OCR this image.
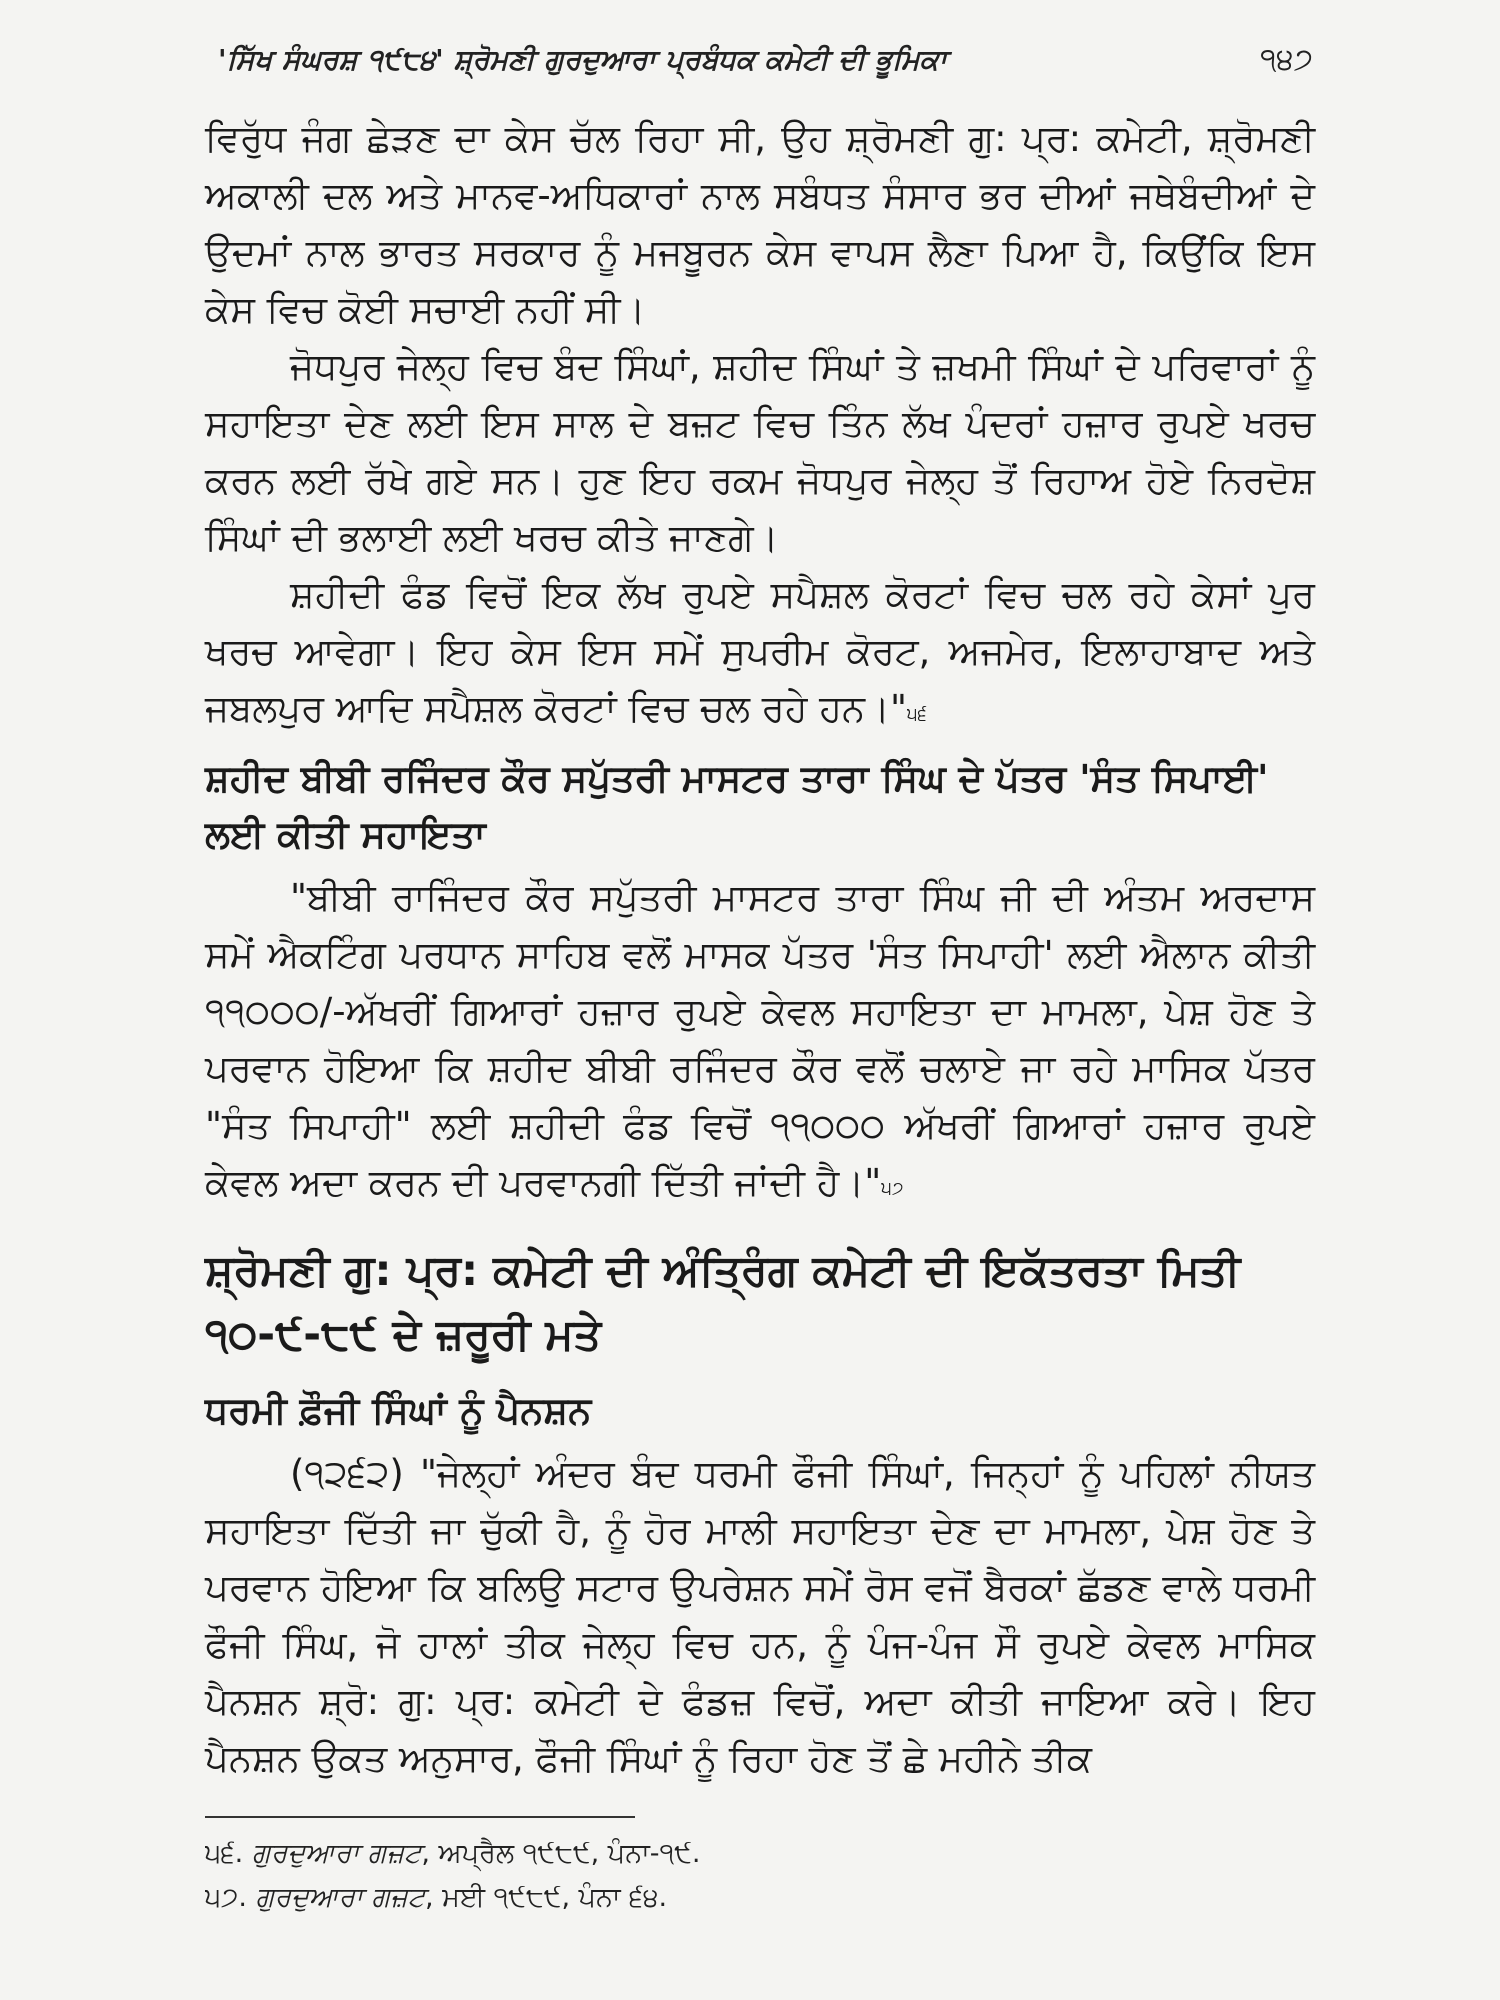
'ਸਿੱਖ ਸੰਘਰਸ਼ ੧੯੮੪' ਸ਼੍ਰੋਮਣੀ ਗੁਰਦੁਆਰਾ ਪ੍ਰਬੰਧਕ ਕਮੇਟੀ ਦੀ ਭੂਮਿਕਾ	੧੪੭

ਵਿਰੁੱਧ ਜੰਗ ਛੇੜਣ ਦਾ ਕੇਸ ਚੱਲ ਰਿਹਾ ਸੀ, ਉਹ ਸ਼੍ਰੋਮਣੀ ਗੁ: ਪ੍ਰ: ਕਮੇਟੀ, ਸ਼੍ਰੋਮਣੀ ਅਕਾਲੀ ਦਲ ਅਤੇ ਮਾਨਵ-ਅਧਿਕਾਰਾਂ ਨਾਲ ਸਬੰਧਤ ਸੰਸਾਰ ਭਰ ਦੀਆਂ ਜਥੇਬੰਦੀਆਂ ਦੇ ਉਦਮਾਂ ਨਾਲ ਭਾਰਤ ਸਰਕਾਰ ਨੂੰ ਮਜਬੂਰਨ ਕੇਸ ਵਾਪਸ ਲੈਣਾ ਪਿਆ ਹੈ, ਕਿਉਂਕਿ ਇਸ ਕੇਸ ਵਿਚ ਕੋਈ ਸਚਾਈ ਨਹੀਂ ਸੀ।

ਜੋਧਪੁਰ ਜੇਲ੍ਹ ਵਿਚ ਬੰਦ ਸਿੰਘਾਂ, ਸ਼ਹੀਦ ਸਿੰਘਾਂ ਤੇ ਜ਼ਖਮੀ ਸਿੰਘਾਂ ਦੇ ਪਰਿਵਾਰਾਂ ਨੂੰ ਸਹਾਇਤਾ ਦੇਣ ਲਈ ਇਸ ਸਾਲ ਦੇ ਬਜ਼ਟ ਵਿਚ ਤਿੰਨ ਲੱਖ ਪੰਦਰਾਂ ਹਜ਼ਾਰ ਰੁਪਏ ਖਰਚ ਕਰਨ ਲਈ ਰੱਖੇ ਗਏ ਸਨ। ਹੁਣ ਇਹ ਰਕਮ ਜੋਧਪੁਰ ਜੇਲ੍ਹ ਤੋਂ ਰਿਹਾਅ ਹੋਏ ਨਿਰਦੋਸ਼ ਸਿੰਘਾਂ ਦੀ ਭਲਾਈ ਲਈ ਖਰਚ ਕੀਤੇ ਜਾਣਗੇ।

ਸ਼ਹੀਦੀ ਫੰਡ ਵਿਚੋਂ ਇਕ ਲੱਖ ਰੁਪਏ ਸਪੈਸ਼ਲ ਕੋਰਟਾਂ ਵਿਚ ਚਲ ਰਹੇ ਕੇਸਾਂ ਪੁਰ ਖਰਚ ਆਵੇਗਾ। ਇਹ ਕੇਸ ਇਸ ਸਮੇਂ ਸੁਪਰੀਮ ਕੋਰਟ, ਅਜਮੇਰ, ਇਲਾਹਾਬਾਦ ਅਤੇ ਜਬਲਪੁਰ ਆਦਿ ਸਪੈਸ਼ਲ ਕੋਰਟਾਂ ਵਿਚ ਚਲ ਰਹੇ ਹਨ।"$^{੫੬}$

ਸ਼ਹੀਦ ਬੀਬੀ ਰਜਿੰਦਰ ਕੌਰ ਸਪੁੱਤਰੀ ਮਾਸਟਰ ਤਾਰਾ ਸਿੰਘ ਦੇ ਪੱਤਰ 'ਸੰਤ ਸਿਪਾਈ' ਲਈ ਕੀਤੀ ਸਹਾਇਤਾ

"ਬੀਬੀ ਰਾਜਿੰਦਰ ਕੌਰ ਸਪੁੱਤਰੀ ਮਾਸਟਰ ਤਾਰਾ ਸਿੰਘ ਜੀ ਦੀ ਅੰਤਮ ਅਰਦਾਸ ਸਮੇਂ ਐਕਟਿੰਗ ਪਰਧਾਨ ਸਾਹਿਬ ਵਲੋਂ ਮਾਸਕ ਪੱਤਰ 'ਸੰਤ ਸਿਪਾਹੀ' ਲਈ ਐਲਾਨ ਕੀਤੀ ੧੧੦੦੦/-ਅੱਖਰੀਂ ਗਿਆਰਾਂ ਹਜ਼ਾਰ ਰੁਪਏ ਕੇਵਲ ਸਹਾਇਤਾ ਦਾ ਮਾਮਲਾ, ਪੇਸ਼ ਹੋਣ ਤੇ ਪਰਵਾਨ ਹੋਇਆ ਕਿ ਸ਼ਹੀਦ ਬੀਬੀ ਰਜਿੰਦਰ ਕੌਰ ਵਲੋਂ ਚਲਾਏ ਜਾ ਰਹੇ ਮਾਸਿਕ ਪੱਤਰ "ਸੰਤ ਸਿਪਾਹੀ" ਲਈ ਸ਼ਹੀਦੀ ਫੰਡ ਵਿਚੋਂ ੧੧੦੦੦ ਅੱਖਰੀਂ ਗਿਆਰਾਂ ਹਜ਼ਾਰ ਰੁਪਏ ਕੇਵਲ ਅਦਾ ਕਰਨ ਦੀ ਪਰਵਾਨਗੀ ਦਿੱਤੀ ਜਾਂਦੀ ਹੈ।"$^{੫੭}$

ਸ਼੍ਰੋਮਣੀ ਗੁ: ਪ੍ਰ: ਕਮੇਟੀ ਦੀ ਅੰਤ੍ਰਿੰਗ ਕਮੇਟੀ ਦੀ ਇਕੱਤਰਤਾ ਮਿਤੀ ੧੦-੯-੮੯ ਦੇ ਜ਼ਰੂਰੀ ਮਤੇ
ਧਰਮੀ ਫ਼ੌਜੀ ਸਿੰਘਾਂ ਨੂੰ ਪੈਨਸ਼ਨ

(੧੨੬੨) "ਜੇਲ੍ਹਾਂ ਅੰਦਰ ਬੰਦ ਧਰਮੀ ਫੌਜੀ ਸਿੰਘਾਂ, ਜਿਨ੍ਹਾਂ ਨੂੰ ਪਹਿਲਾਂ ਨੀਯਤ ਸਹਾਇਤਾ ਦਿੱਤੀ ਜਾ ਚੁੱਕੀ ਹੈ, ਨੂੰ ਹੋਰ ਮਾਲੀ ਸਹਾਇਤਾ ਦੇਣ ਦਾ ਮਾਮਲਾ, ਪੇਸ਼ ਹੋਣ ਤੇ ਪਰਵਾਨ ਹੋਇਆ ਕਿ ਬਲਿਉ ਸਟਾਰ ਉਪਰੇਸ਼ਨ ਸਮੇਂ ਰੋਸ ਵਜੋਂ ਬੈਰਕਾਂ ਛੱਡਣ ਵਾਲੇ ਧਰਮੀ ਫੌਜੀ ਸਿੰਘ, ਜੋ ਹਾਲਾਂ ਤੀਕ ਜੇਲ੍ਹ ਵਿਚ ਹਨ, ਨੂੰ ਪੰਜ-ਪੰਜ ਸੌ ਰੁਪਏ ਕੇਵਲ ਮਾਸਿਕ ਪੈਨਸ਼ਨ ਸ਼੍ਰੋ: ਗੁ: ਪ੍ਰ: ਕਮੇਟੀ ਦੇ ਫੰਡਜ਼ ਵਿਚੋਂ, ਅਦਾ ਕੀਤੀ ਜਾਇਆ ਕਰੇ। ਇਹ ਪੈਨਸ਼ਨ ਉਕਤ ਅਨੁਸਾਰ, ਫੌਜੀ ਸਿੰਘਾਂ ਨੂੰ ਰਿਹਾ ਹੋਣ ਤੋਂ ਛੇ ਮਹੀਨੇ ਤੀਕ

੫੬. ਗੁਰਦੁਆਰਾ ਗਜ਼ਟ, ਅਪ੍ਰੈਲ ੧੯੮੯, ਪੰਨਾ-੧੯.

੫੭. ਗੁਰਦੁਆਰਾ ਗਜ਼ਟ, ਮਈ ੧੯੮੯, ਪੰਨਾ ੬੪.
